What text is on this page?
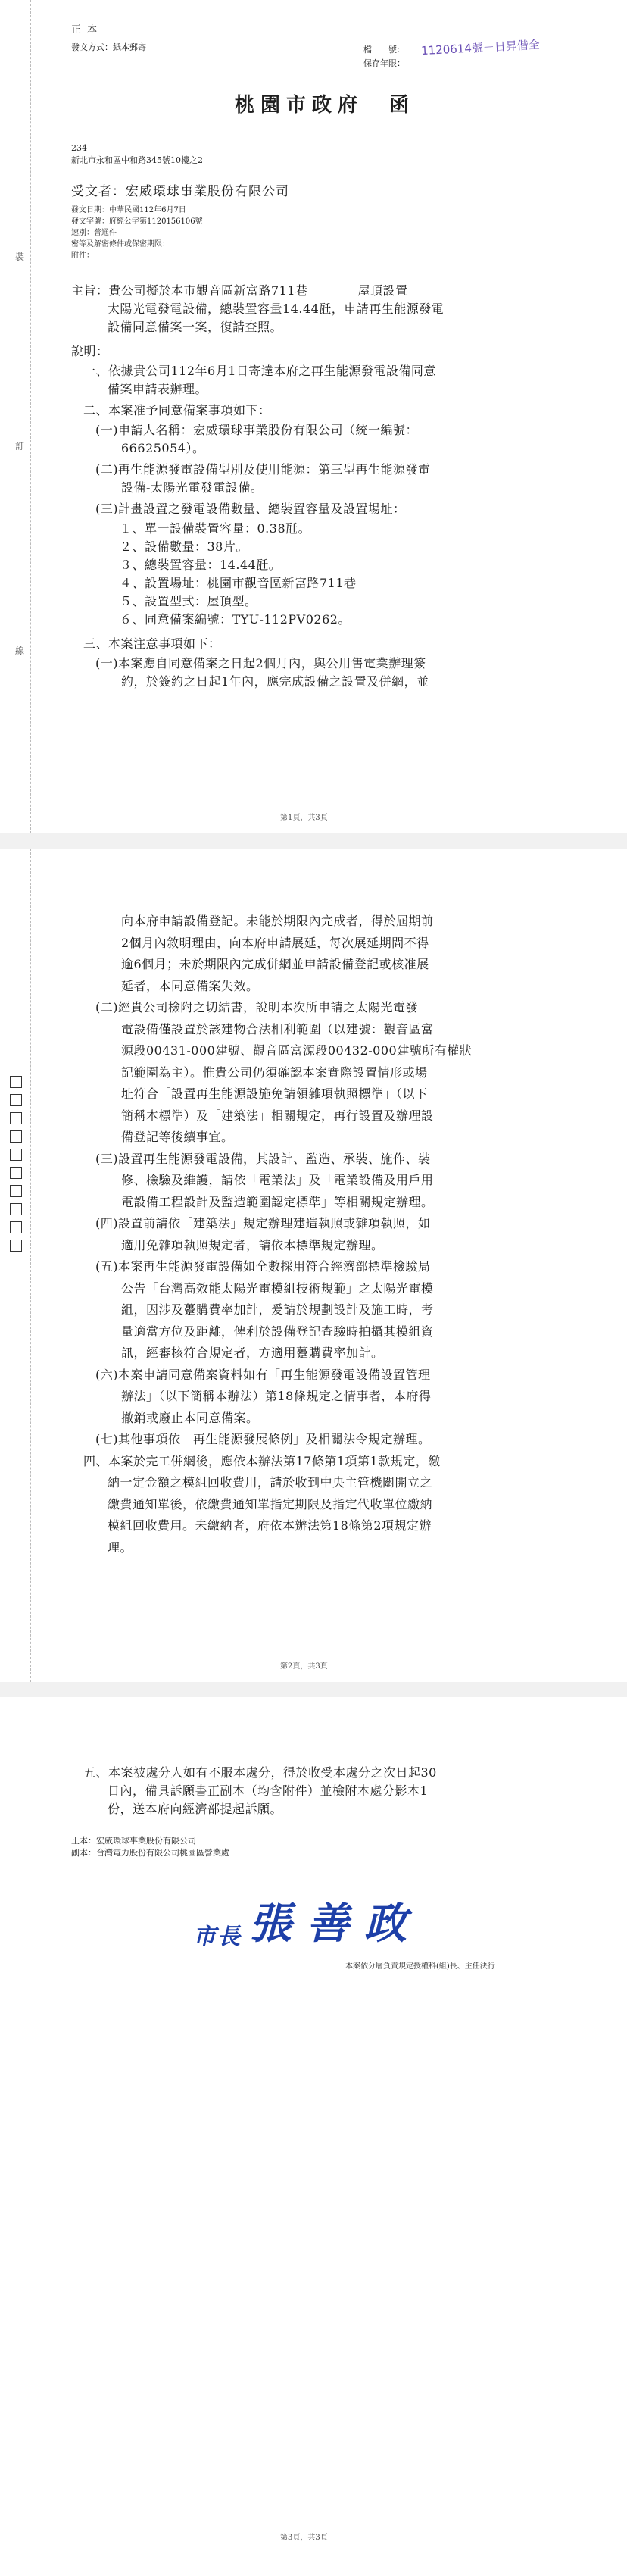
裝
訂
線
正 本
發文方式：紙本郵寄	檔　　號： 1120614號－日昇偕全
保存年限：
桃園市政府　函
234
新北市永和區中和路345號10樓之2
受文者：宏威環球事業股份有限公司
發文日期：中華民國112年6月7日
發文字號：府經公字第1120156106號
速別：普通件
密等及解密條件或保密期限：
附件：
主旨：貴公司擬於本市觀音區新富路711巷　　　　屋頂設置
太陽光電發電設備，總裝置容量14.44瓩，申請再生能源發電
設備同意備案一案，復請查照。
說明：
一、依據貴公司112年6月1日寄達本府之再生能源發電設備同意
備案申請表辦理。
二、本案准予同意備案事項如下：
(一)申請人名稱：宏威環球事業股份有限公司（統一編號：
66625054）。
(二)再生能源發電設備型別及使用能源：第三型再生能源發電
設備-太陽光電發電設備。
(三)計畫設置之發電設備數量、總裝置容量及設置場址：
１、單一設備裝置容量：0.38瓩。
２、設備數量：38片。
３、總裝置容量：14.44瓩。
４、設置場址：桃園市觀音區新富路711巷
５、設置型式：屋頂型。
６、同意備案編號：TYU-112PV0262。
三、本案注意事項如下：
(一)本案應自同意備案之日起2個月內，與公用售電業辦理簽
約，於簽約之日起1年內，應完成設備之設置及併網，並
第1頁，共3頁

向本府申請設備登記。未能於期限內完成者，得於屆期前
2個月內敘明理由，向本府申請展延，每次展延期間不得
逾6個月；未於期限內完成併網並申請設備登記或核准展
延者，本同意備案失效。
(二)經貴公司檢附之切結書，說明本次所申請之太陽光電發
電設備僅設置於該建物合法相利範圍（以建號：觀音區富
源段00431-000建號、觀音區富源段00432-000建號所有權狀
記範圍為主）。惟貴公司仍須確認本案實際設置情形或場
址符合「設置再生能源設施免請領雜項執照標準」（以下
簡稱本標準）及「建築法」相關規定，再行設置及辦理設
備登記等後續事宜。
(三)設置再生能源發電設備，其設計、監造、承裝、施作、裝
修、檢驗及維護，請依「電業法」及「電業設備及用戶用
電設備工程設計及監造範圍認定標準」等相關規定辦理。
(四)設置前請依「建築法」規定辦理建造執照或雜項執照，如
適用免雜項執照規定者，請依本標準規定辦理。
(五)本案再生能源發電設備如全數採用符合經濟部標準檢驗局
公告「台灣高效能太陽光電模組技術規範」之太陽光電模
組，因涉及躉購費率加計，爰請於規劃設計及施工時，考
量適當方位及距離，俾利於設備登記查驗時拍攝其模組資
訊，經審核符合規定者，方適用躉購費率加計。
(六)本案申請同意備案資料如有「再生能源發電設備設置管理
辦法」（以下簡稱本辦法）第18條規定之情事者，本府得
撤銷或廢止本同意備案。
(七)其他事項依「再生能源發展條例」及相關法令規定辦理。
四、本案於完工併網後，應依本辦法第17條第1項第1款規定，繳
納一定金額之模組回收費用，請於收到中央主管機關開立之
繳費通知單後，依繳費通知單指定期限及指定代收單位繳納
模組回收費用。未繳納者，府依本辦法第18條第2項規定辦
理。
第2頁，共3頁
五、本案被處分人如有不服本處分，得於收受本處分之次日起30
日內，備具訴願書正副本（均含附件）並檢附本處分影本1
份，送本府向經濟部提起訴願。
正本：宏威環球事業股份有限公司
副本：台灣電力股份有限公司桃園區營業處
市長 張善政
本案依分層負責規定授權科(組)長、主任決行
第3頁，共3頁
